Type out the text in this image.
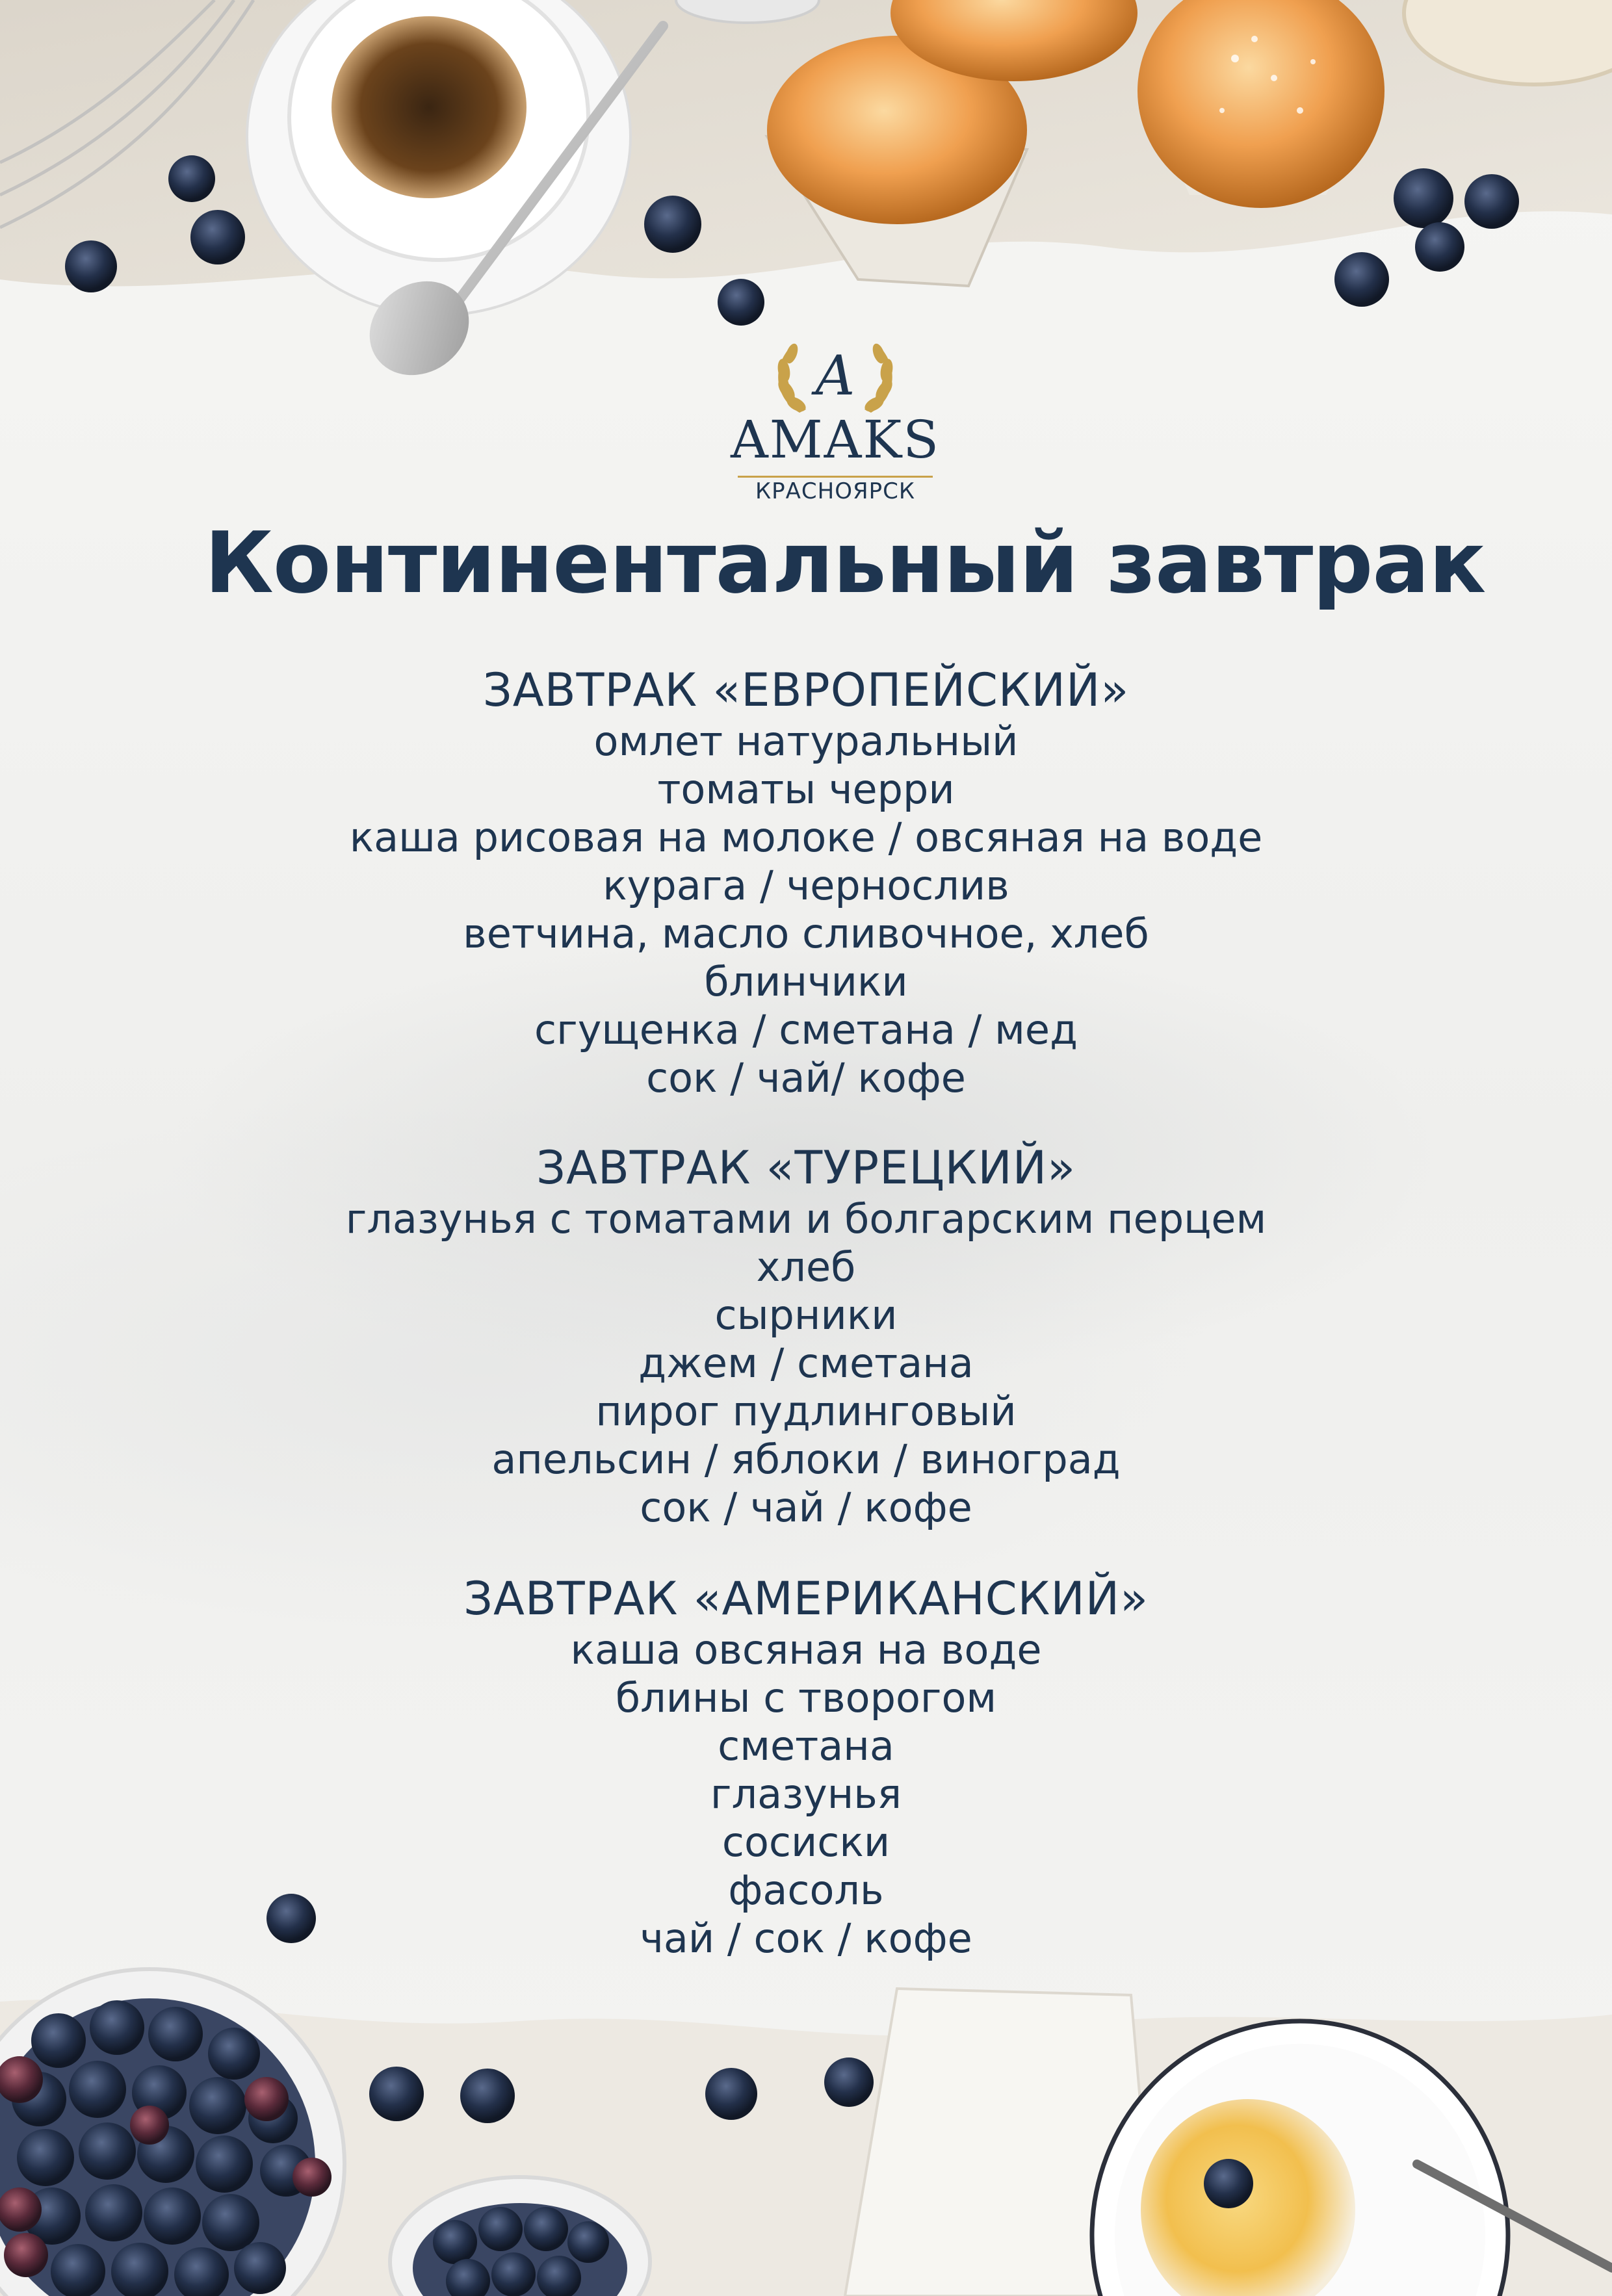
A
AMAKS
КРАСНОЯРСК
Континентальный завтрак
ЗАВТРАК «ЕВРОПЕЙСКИЙ»
омлет натуральный
томаты черри
каша рисовая на молоке / овсяная на воде
курага / чернослив
ветчина, масло сливочное, хлеб
блинчики
сгущенка / сметана / мед
сок / чай/ кофе
ЗАВТРАК «ТУРЕЦКИЙ»
глазунья с томатами и болгарским перцем
хлеб
сырники
джем / сметана
пирог пудлинговый
апельсин / яблоки / виноград
сок / чай / кофе
ЗАВТРАК «АМЕРИКАНСКИЙ»
каша овсяная на воде
блины с творогом
сметана
глазунья
сосиски
фасоль
чай / сок / кофе
